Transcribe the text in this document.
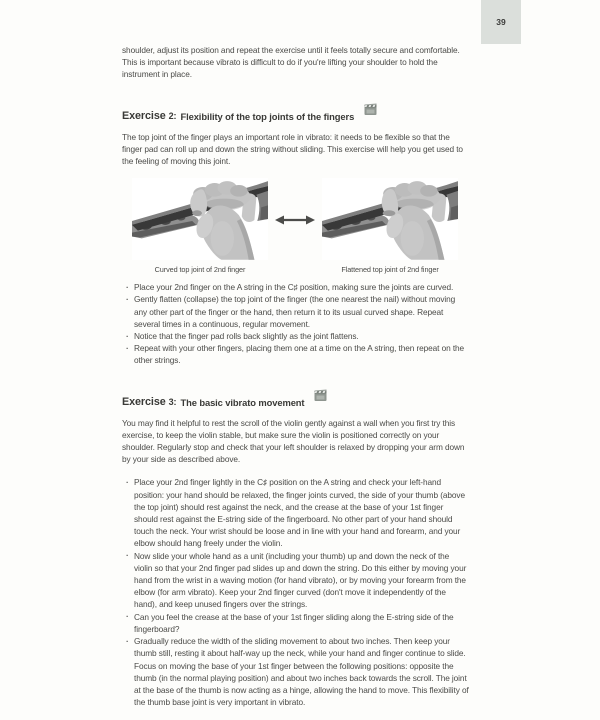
39

shoulder, adjust its position and repeat the exercise until it feels totally secure and comfortable. This is important because vibrato is difficult to do if you're lifting your shoulder to hold the instrument in place.

Exercise 2: Flexibility of the top joints of the fingers

The top joint of the finger plays an important role in vibrato: it needs to be flexible so that the finger pad can roll up and down the string without sliding. This exercise will help you get used to the feeling of moving this joint.

Curved top joint of 2nd finger	Flattened top joint of 2nd finger
· Place your 2nd finger on the A string in the C♯ position, making sure the joints are curved.
· Gently flatten (collapse) the top joint of the finger (the one nearest the nail) without moving any other part of the finger or the hand, then return it to its usual curved shape. Repeat several times in a continuous, regular movement.
· Notice that the finger pad rolls back slightly as the joint flattens.
· Repeat with your other fingers, placing them one at a time on the A string, then repeat on the other strings.
Exercise 3: The basic vibrato movement

You may find it helpful to rest the scroll of the violin gently against a wall when you first try this exercise, to keep the violin stable, but make sure the violin is positioned correctly on your shoulder. Regularly stop and check that your left shoulder is relaxed by dropping your arm down by your side as described above.

· Place your 2nd finger lightly in the C♯ position on the A string and check your left-hand position: your hand should be relaxed, the finger joints curved, the side of your thumb (above the top joint) should rest against the neck, and the crease at the base of your 1st finger should rest against the E-string side of the fingerboard. No other part of your hand should touch the neck. Your wrist should be loose and in line with your hand and forearm, and your elbow should hang freely under the violin.
· Now slide your whole hand as a unit (including your thumb) up and down the neck of the violin so that your 2nd finger pad slides up and down the string. Do this either by moving your hand from the wrist in a waving motion (for hand vibrato), or by moving your forearm from the elbow (for arm vibrato). Keep your 2nd finger curved (don't move it independently of the hand), and keep unused fingers over the strings.
· Can you feel the crease at the base of your 1st finger sliding along the E-string side of the fingerboard?
· Gradually reduce the width of the sliding movement to about two inches. Then keep your thumb still, resting it about half-way up the neck, while your hand and finger continue to slide. Focus on moving the base of your 1st finger between the following positions: opposite the thumb (in the normal playing position) and about two inches back towards the scroll. The joint at the base of the thumb is now acting as a hinge, allowing the hand to move. This flexibility of the thumb base joint is very important in vibrato.
